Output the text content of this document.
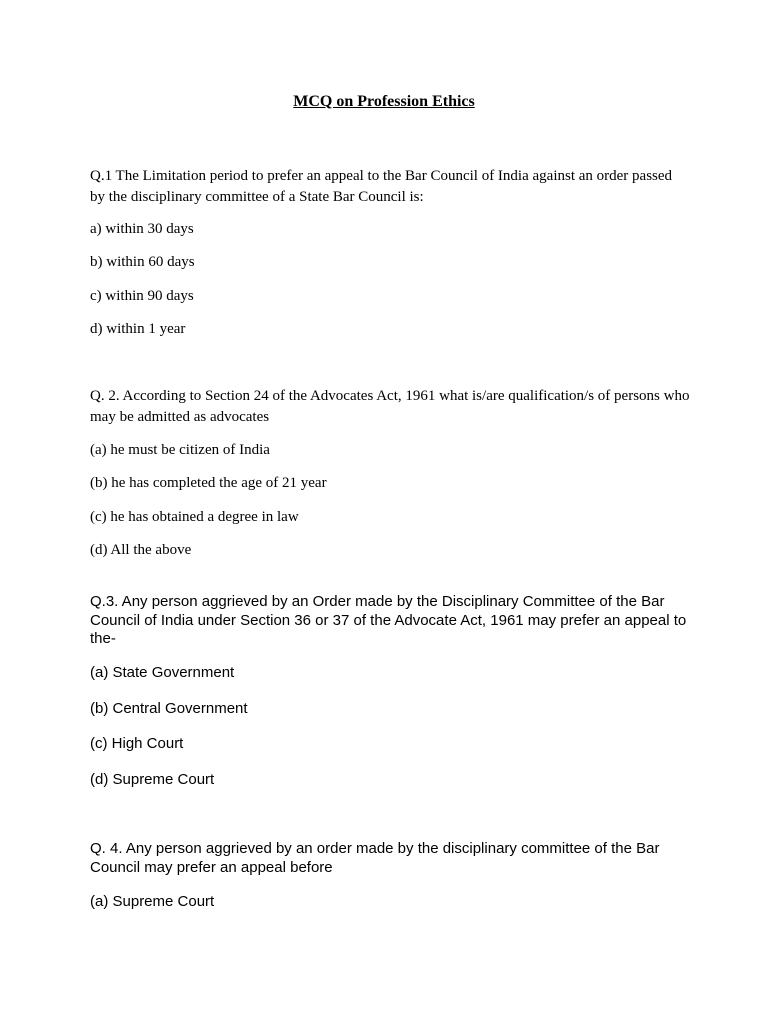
MCQ on Profession Ethics

Q.1 The Limitation period to prefer an appeal to the Bar Council of India against an order passed by the disciplinary committee of a State Bar Council is:

a) within 30 days

b) within 60 days

c) within 90 days

d) within 1 year

Q. 2. According to Section 24 of the Advocates Act, 1961 what is/are qualification/s of persons who may be admitted as advocates

(a) he must be citizen of India

(b) he has completed the age of 21 year

(c) he has obtained a degree in law

(d) All the above

Q.3. Any person aggrieved by an Order made by the Disciplinary Committee of the Bar Council of India under Section 36 or 37 of the Advocate Act, 1961 may prefer an appeal to the-

(a) State Government

(b) Central Government

(c) High Court

(d) Supreme Court

Q. 4. Any person aggrieved by an order made by the disciplinary committee of the Bar Council may prefer an appeal before

(a) Supreme Court
